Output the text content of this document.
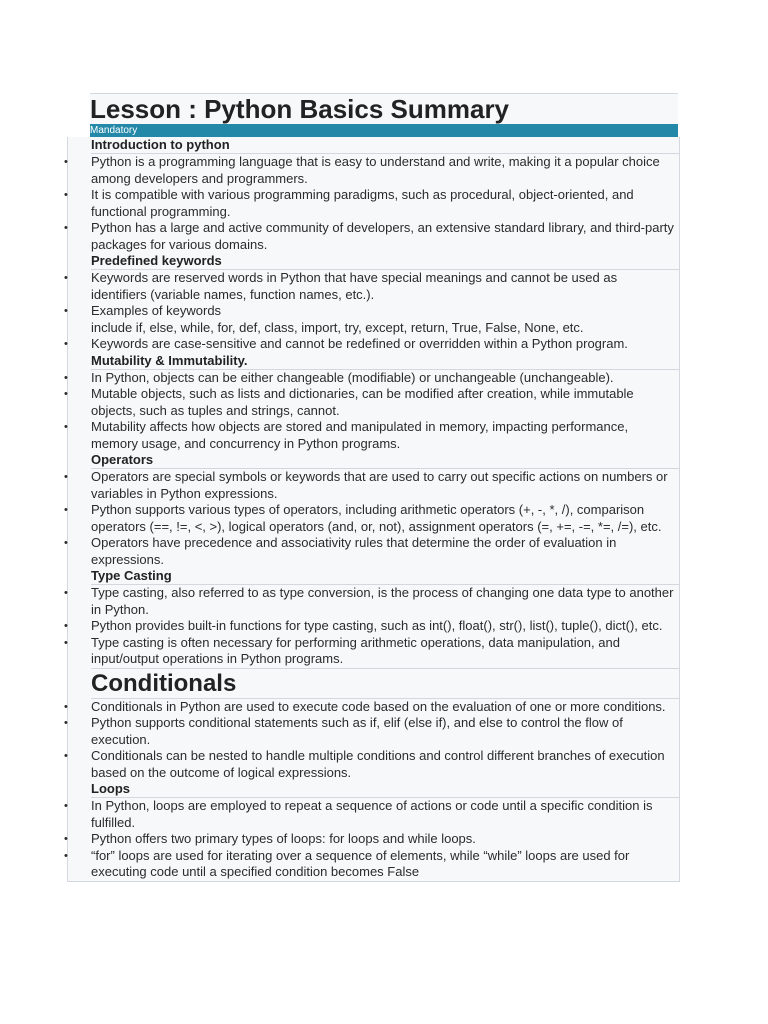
Lesson : Python Basics Summary
Mandatory
Introduction to python
• Python is a programming language that is easy to understand and write, making it a popular choice among developers and programmers.
• It is compatible with various programming paradigms, such as procedural, object-oriented, and functional programming.
• Python has a large and active community of developers, an extensive standard library, and third-party packages for various domains.
Predefined keywords
• Keywords are reserved words in Python that have special meanings and cannot be used as identifiers (variable names, function names, etc.).
• Examples of keywords
include if, else, while, for, def, class, import, try, except, return, True, False, None, etc.
• Keywords are case-sensitive and cannot be redefined or overridden within a Python program.
Mutability & Immutability.
• In Python, objects can be either changeable (modifiable) or unchangeable (unchangeable).
• Mutable objects, such as lists and dictionaries, can be modified after creation, while immutable objects, such as tuples and strings, cannot.
• Mutability affects how objects are stored and manipulated in memory, impacting performance, memory usage, and concurrency in Python programs.
Operators
• Operators are special symbols or keywords that are used to carry out specific actions on numbers or variables in Python expressions.
• Python supports various types of operators, including arithmetic operators (+, -, *, /), comparison operators (==, !=, <, >), logical operators (and, or, not), assignment operators (=, +=, -=, *=, /=), etc.
• Operators have precedence and associativity rules that determine the order of evaluation in expressions.
Type Casting
• Type casting, also referred to as type conversion, is the process of changing one data type to another in Python.
• Python provides built-in functions for type casting, such as int(), float(), str(), list(), tuple(), dict(), etc.
• Type casting is often necessary for performing arithmetic operations, data manipulation, and input/output operations in Python programs.
Conditionals
• Conditionals in Python are used to execute code based on the evaluation of one or more conditions.
• Python supports conditional statements such as if, elif (else if), and else to control the flow of execution.
• Conditionals can be nested to handle multiple conditions and control different branches of execution based on the outcome of logical expressions.
Loops
• In Python, loops are employed to repeat a sequence of actions or code until a specific condition is fulfilled.
• Python offers two primary types of loops: for loops and while loops.
• “for” loops are used for iterating over a sequence of elements, while “while” loops are used for executing code until a specified condition becomes False
